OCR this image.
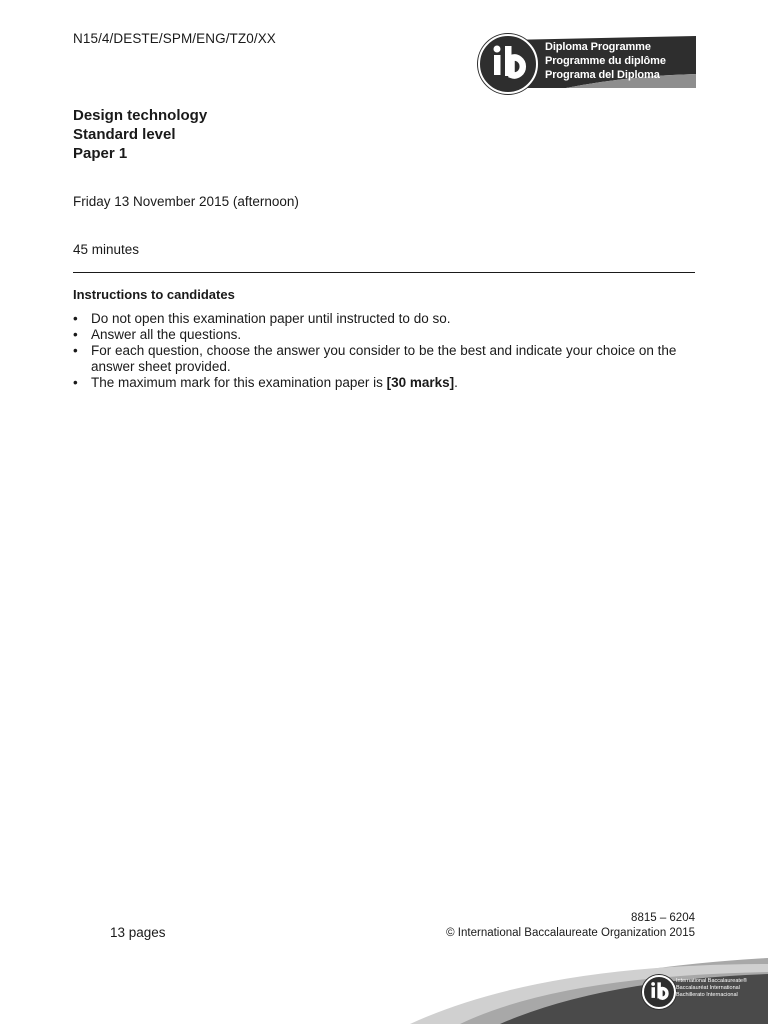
N15/4/DESTE/SPM/ENG/TZ0/XX
Diploma Programme
Programme du diplôme
Programa del Diploma
Design technology
Standard level
Paper 1
Friday 13 November 2015 (afternoon)
45 minutes
Instructions to candidates
• Do not open this examination paper until instructed to do so.
• Answer all the questions.
• For each question, choose the answer you consider to be the best and indicate your choice on the answer sheet provided.
• The maximum mark for this examination paper is [30 marks].
13 pages
8815 – 6204
© International Baccalaureate Organization 2015
International Baccalaureate®
Baccalauréat International
Bachillerato Internacional
